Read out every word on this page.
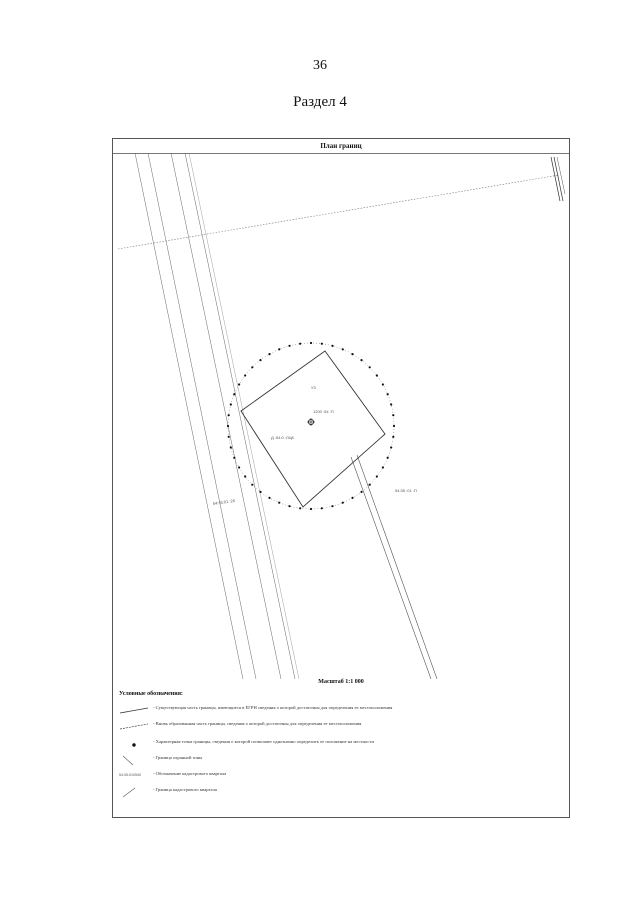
36
Раздел 4
План границ
У3
1200 :54 :П
Д :54:0 :ЛЦК
54:35 :01 :П
54:35:01 :26
Масштаб 1:1 000
Условные обозначения:
- Существующая часть границы, имеющиеся в ЕГРН сведения о которой достаточны для определения ее местоположения
- Вновь образованная часть границы, сведения о которой достаточны для определения ее местоположения
- Характерная точка границы, сведения о которой позволяют однозначно определить ее положение на местности
- Граница охранной зоны
54:35:010540	- Обозначение кадастрового квартала
- Граница кадастрового квартала
